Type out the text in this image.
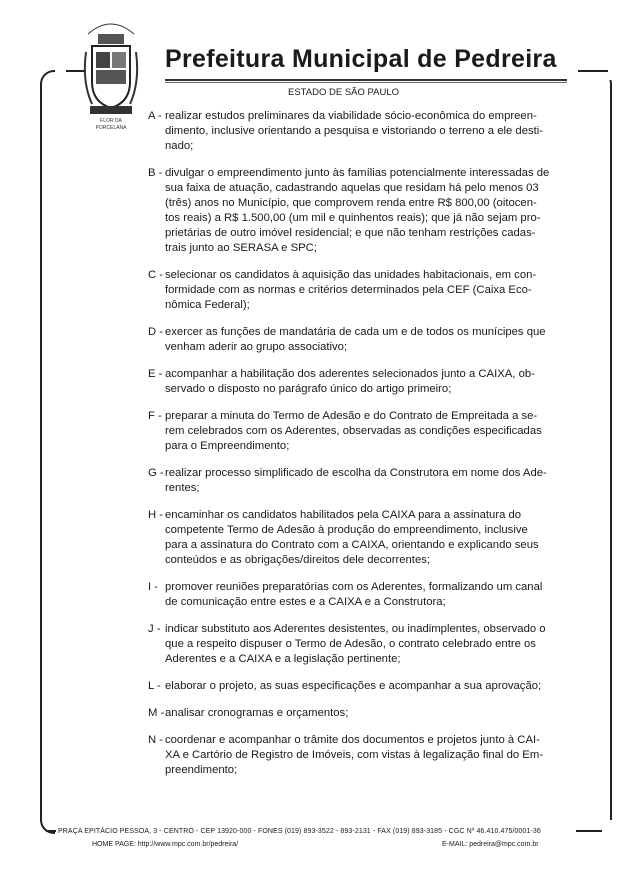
FLOR DA
PORCELANA
Prefeitura Municipal de Pedreira
ESTADO DE SÃO PAULO
A - realizar estudos preliminares da viabilidade sócio-econômica do empreen-
dimento, inclusive orientando a pesquisa e vistoriando o terreno a ele desti-
nado;
B - divulgar o empreendimento junto às famílias potencialmente interessadas de
sua faixa de atuação, cadastrando aquelas que residam há pelo menos 03
(três) anos no Município, que comprovem renda entre R$ 800,00 (oitocen-
tos reais) a R$ 1.500,00 (um mil e quinhentos reais); que já não sejam pro-
prietárias de outro imóvel residencial; e que não tenham restrições cadas-
trais junto ao SERASA e SPC;
C - selecionar os candidatos à aquisição das unidades habitacionais, em con-
formidade com as normas e critérios determinados pela CEF (Caixa Eco-
nômica Federal);
D - exercer as funções de mandatária de cada um e de todos os munícipes que
venham aderir ao grupo associativo;
E - acompanhar a habilitação dos aderentes selecionados junto a CAIXA, ob-
servado o disposto no parágrafo único do artigo primeiro;
F - preparar a minuta do Termo de Adesão e do Contrato de Empreitada a se-
rem celebrados com os Aderentes, observadas as condições especificadas
para o Empreendimento;
G - realizar processo simplificado de escolha da Construtora em nome dos Ade-
rentes;
H - encaminhar os candidatos habilitados pela CAIXA para a assinatura do
competente Termo de Adesão à produção do empreendimento, inclusive
para a assinatura do Contrato com a CAIXA, orientando e explicando seus
conteúdos e as obrigações/direitos dele decorrentes;
I - promover reuniões preparatórias com os Aderentes, formalizando um canal
de comunicação entre estes e a CAIXA e a Construtora;
J - indicar substituto aos Aderentes desistentes, ou inadimplentes, observado o
que a respeito dispuser o Termo de Adesão, o contrato celebrado entre os
Aderentes e a CAIXA e a legislação pertinente;
L - elaborar o projeto, as suas especificações e acompanhar a sua aprovação;
M - analisar cronogramas e orçamentos;
N - coordenar e acompanhar o trâmite dos documentos e projetos junto à CAI-
XA e Cartório de Registro de Imóveis, com vistas à legalização final do Em-
preendimento;
PRAÇA EPITÁCIO PESSOA, 3 - CENTRO - CEP 13920-000 - FONES (019) 893-3522 - 893-2131 - FAX (019) 893-3185 - CGC Nº 46.410.475/0001-36
HOME PAGE: http://www.mpc.com.br/pedreira/	E-MAIL: pedreira@mpc.com.br
